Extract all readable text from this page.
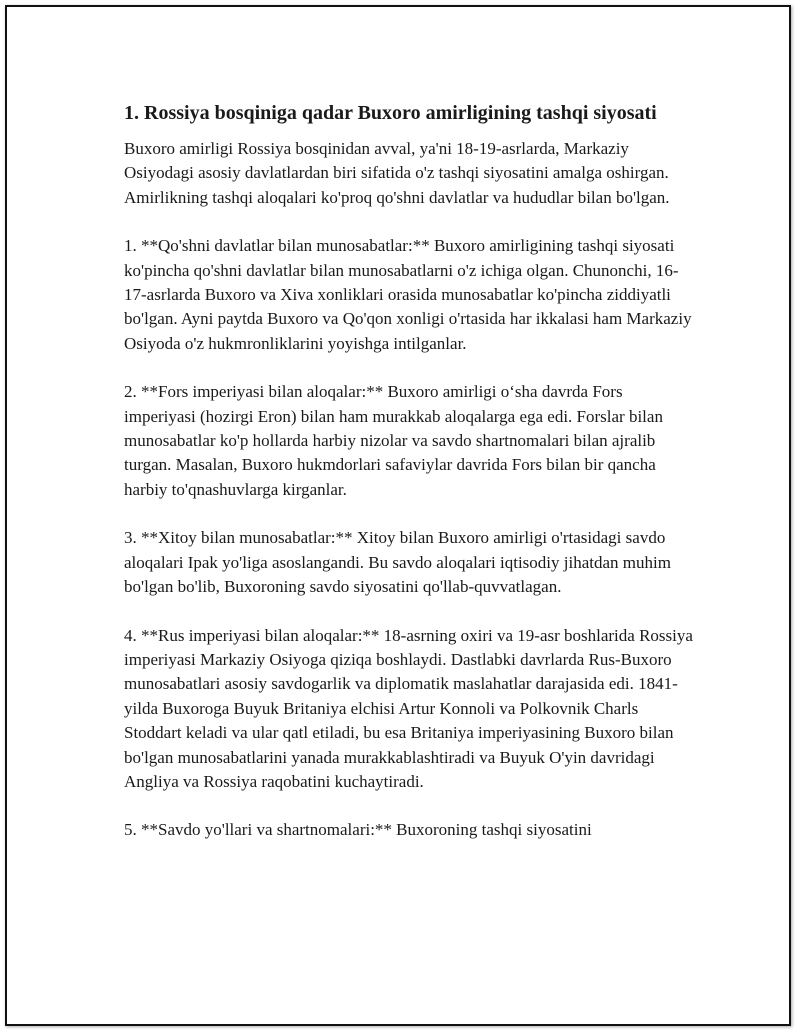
1. Rossiya bosqiniga qadar Buxoro amirligining tashqi siyosati

Buxoro amirligi Rossiya bosqinidan avval, ya'ni 18-19-asrlarda, Markaziy Osiyodagi asosiy davlatlardan biri sifatida o'z tashqi siyosatini amalga oshirgan. Amirlikning tashqi aloqalari ko'proq qo'shni davlatlar va hududlar bilan bo'lgan.

1. **Qo'shni davlatlar bilan munosabatlar:** Buxoro amirligining tashqi siyosati ko'pincha qo'shni davlatlar bilan munosabatlarni o'z ichiga olgan. Chunonchi, 16-17-asrlarda Buxoro va Xiva xonliklari orasida munosabatlar ko'pincha ziddiyatli bo'lgan. Ayni paytda Buxoro va Qo'qon xonligi o'rtasida har ikkalasi ham Markaziy Osiyoda o'z hukmronliklarini yoyishga intilganlar.

2. **Fors imperiyasi bilan aloqalar:** Buxoro amirligi o‘sha davrda Fors imperiyasi (hozirgi Eron) bilan ham murakkab aloqalarga ega edi. Forslar bilan munosabatlar ko'p hollarda harbiy nizolar va savdo shartnomalari bilan ajralib turgan. Masalan, Buxoro hukmdorlari safaviylar davrida Fors bilan bir qancha harbiy to'qnashuvlarga kirganlar.

3. **Xitoy bilan munosabatlar:** Xitoy bilan Buxoro amirligi o'rtasidagi savdo aloqalari Ipak yo'liga asoslangandi. Bu savdo aloqalari iqtisodiy jihatdan muhim bo'lgan bo'lib, Buxoroning savdo siyosatini qo'llab-quvvatlagan.

4. **Rus imperiyasi bilan aloqalar:** 18-asrning oxiri va 19-asr boshlarida Rossiya imperiyasi Markaziy Osiyoga qiziqa boshlaydi. Dastlabki davrlarda Rus-Buxoro munosabatlari asosiy savdogarlik va diplomatik maslahatlar darajasida edi. 1841-yilda Buxoroga Buyuk Britaniya elchisi Artur Konnoli va Polkovnik Charls Stoddart keladi va ular qatl etiladi, bu esa Britaniya imperiyasining Buxoro bilan bo'lgan munosabatlarini yanada murakkablashtiradi va Buyuk O'yin davridagi Angliya va Rossiya raqobatini kuchaytiradi.

5. **Savdo yo'llari va shartnomalari:** Buxoroning tashqi siyosatini
